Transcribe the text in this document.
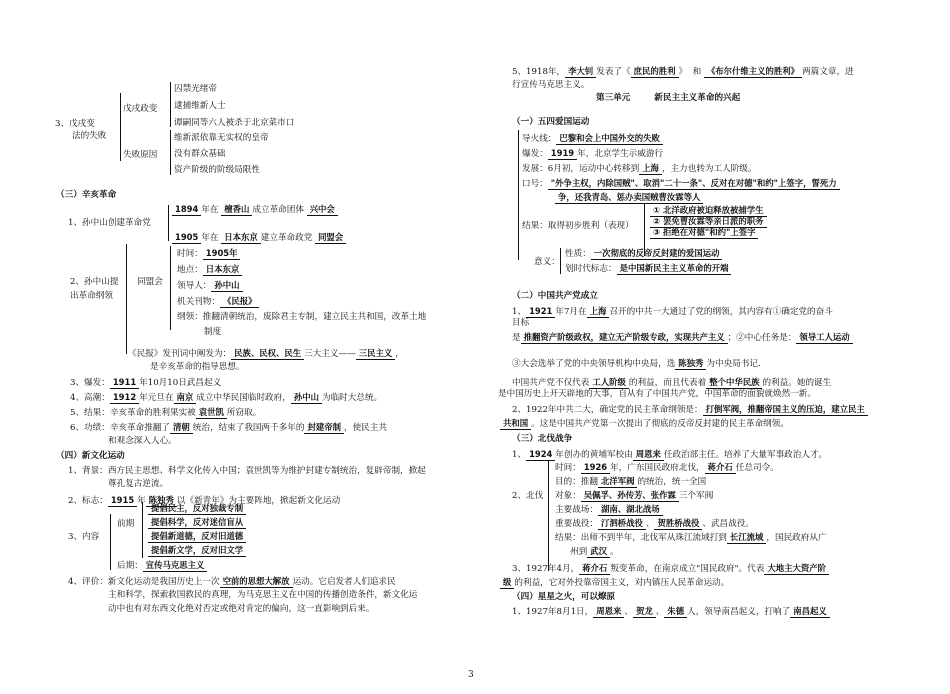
3、戊戌变
法的失败
戊戌政变
囚禁光绪帝
逮捕维新人士
谭嗣同等六人被杀于北京菜市口
失败原因
维新派依靠无实权的皇帝
没有群众基础
资产阶级的阶级局限性
（三）辛亥革命
1、孙中山创建革命党
1894 年在 檀香山 成立革命团体 兴中会
1905 年在 日本东京 建立革命政党 同盟会
2、孙中山提
出革命纲领
同盟会
时间： 1905年
地点： 日本东京
领导人： 孙中山
机关刊物： 《民报》
纲领：推翻清朝统治，废除君主专制，建立民主共和国，改革土地
制度
《民报》发刊词中阐发为： 民族、民权、民生 三大主义—— 三民主义 ，
是辛亥革命的指导思想。
3、爆发： 1911 年10月10日武昌起义
4、高潮： 1912 年元旦在 南京 成立中华民国临时政府， 孙中山 为临时大总统。
5、结果：辛亥革命的胜利果实被 袁世凯 所窃取。
6、功绩：辛亥革命推翻了 清朝 统治，结束了我国两千多年的 封建帝制 ，使民主共
和观念深入人心。
（四）新文化运动
1、背景：西方民主思想、科学文化传入中国；袁世凯等为维护封建专制统治，复辟帝制，掀起
尊孔复古逆流。
2、标志： 1915 年 陈独秀 以《新青年》为主要阵地，掀起新文化运动
3、内容
前期
提倡民主，反对独裁专制
提倡科学，反对迷信盲从
提倡新道德，反对旧道德
提倡新文学，反对旧文学
后期： 宣传马克思主义
4、评价：新文化运动是我国历史上一次 空前的思想大解放 运动。它启发者人们追求民
主和科学，探索救国救民的真理，为马克思主义在中国的传播创造条件，新文化运
动中也有对东西文化绝对否定或绝对肯定的偏向，这一直影响到后来。
5、1918年， 李大钊 发表了《 庶民的胜利 》 和 《布尔什维主义的胜利》 两篇文章，进
行宣传马克思主义。
第三单元        新民主主义革命的兴起
（一）五四爱国运动
导火线： 巴黎和会上中国外交的失败
爆发： 1919 年，北京学生示威游行
发展：6月初，运动中心转移到 上海 ，主力也转为工人阶级。
口号： "外争主权，内除国贼"、取消"二十一条"、反对在对德"和约"上签字，誓死力
争，还我青岛、惩办卖国贼曹汝霖等人
结果：取得初步胜利（表现）
① 北洋政府被迫释放被捕学生
② 罢免曹汝霖等亲日派的职务
③ 拒绝在对德"和约"上签字
意义：
性质： 一次彻底的反帝反封建的爱国运动
划时代标志： 是中国新民主主义革命的开端
（二）中国共产党成立
1、 1921 年7月在 上海 召开的中共一大通过了党的纲领，其内容有①确定党的奋斗
目标
是 推翻资产阶级政权，建立无产阶级专政，实现共产主义 ；②中心任务是： 领导工人运动
③大会选举了党的中央领导机构中央局，选 陈独秀 为中央局书记.
中国共产党不仅代表 工人阶级 的利益，而且代表着 整个中华民族 的利益。她的诞生
是中国历史上开天辟地的大事，自从有了中国共产党，中国革命的面貌就焕然一新。
2、1922年中共二大，确定党的民主革命纲领是： 打倒军阀，推翻帝国主义的压迫，建立民主
共和国 。这是中国共产党第一次提出了彻底的反帝反封建的民主革命纲领。
（三）北伐战争
1、 1924 年创办的黄埔军校由 周恩来 任政治部主任。培养了大量军事政治人才。
2、北伐
时间： 1926 年，广东国民政府北伐， 蒋介石 任总司令。
目的：推翻 北洋军阀 的统治，统一全国
对象： 吴佩孚、孙传芳、张作霖 三个军阀
主要战场： 湖南、湖北战场
重要战役： 汀泗桥战役 、 贺胜桥战役 、武昌战役。
结果：出师不到半年，北伐军从珠江流域打到 长江流域 ，国民政府从广
州到 武汉 。
3、1927年4月， 蒋介石 叛变革命，在南京成立"国民政府"。代表 大地主大资产阶
级 的利益，它对外投靠帝国主义，对内镇压人民革命运动。
（四）星星之火，可以燎原
1、1927年8月1日， 周恩来 、 贺龙 、 朱德 人，领导南昌起义，打响了 南昌起义
3
